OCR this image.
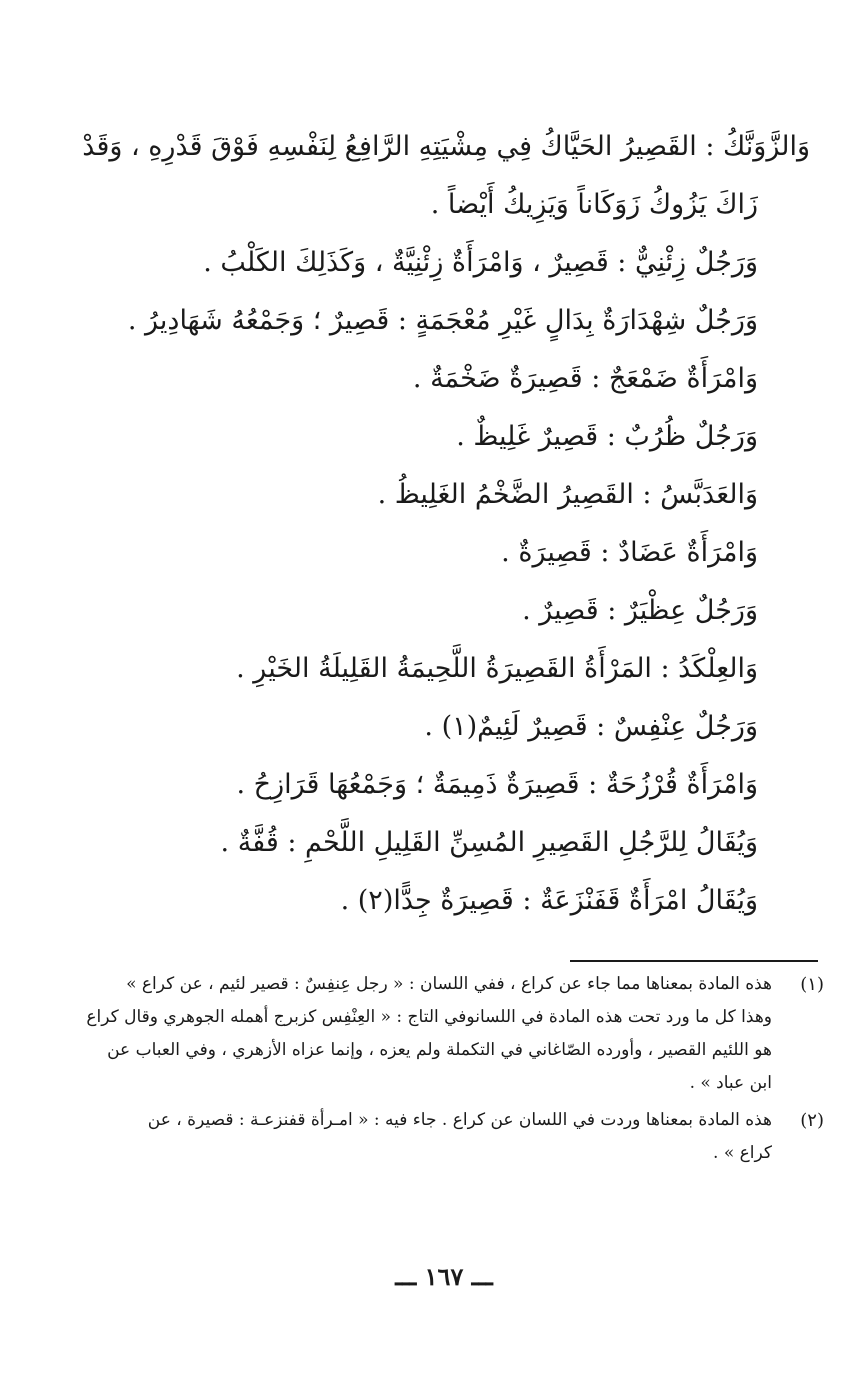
وَالزَّوَنَّكُ : القَصِيرُ الحَيَّاكُ فِي مِشْيَتِهِ الرَّافِعُ لِنَفْسِهِ فَوْقَ قَدْرِهِ ، وَقَدْ
زَاكَ يَزُوكُ زَوَكَاناً وَيَزِيكُ أَيْضاً .
وَرَجُلٌ زِئْنِيٌّ : قَصِيرٌ ، وَامْرَأَةٌ زِئْنِيَّةٌ ، وَكَذَلِكَ الكَلْبُ .
وَرَجُلٌ شِهْدَارَةٌ بِدَالٍ غَيْرِ مُعْجَمَةٍ : قَصِيرٌ ؛ وَجَمْعُهُ شَهَادِيرُ .
وَامْرَأَةٌ ضَمْعَجٌ : قَصِيرَةٌ ضَخْمَةٌ .
وَرَجُلٌ ظُرُبٌ : قَصِيرٌ غَلِيظٌ .
وَالعَدَبَّسُ : القَصِيرُ الضَّخْمُ الغَلِيظُ .
وَامْرَأَةٌ عَضَادٌ : قَصِيرَةٌ .
وَرَجُلٌ عِظْيَرٌ : قَصِيرٌ .
وَالعِلْكَدُ : المَرْأَةُ القَصِيرَةُ اللَّحِيمَةُ القَلِيلَةُ الخَيْرِ .
وَرَجُلٌ عِنْفِسٌ : قَصِيرٌ لَئِيمٌ(١) .
وَامْرَأَةٌ قُرْزُحَةٌ : قَصِيرَةٌ ذَمِيمَةٌ ؛ وَجَمْعُهَا قَرَازِحُ .
وَيُقَالُ لِلرَّجُلِ القَصِيرِ المُسِنِّ القَلِيلِ اللَّحْمِ : قُفَّةٌ .
وَيُقَالُ امْرَأَةٌ قَفَنْزَعَةٌ : قَصِيرَةٌ جِدًّا(٢) .
(١)
هذه المادة بمعناها مما جاء عن كراع ، ففي اللسان : « رجل عِنفِسٌ : قصير لئيم ، عن كراع »
وهذا كل ما ورد تحت هذه المادة في اللسانوفي التاج : « العِنْفِس كزبرج أهمله الجوهري وقال كراع
هو اللئيم القصير ، وأورده الصّاغاني في التكملة ولم يعزه ، وإنما عزاه الأزهري ، وفي العباب عن
ابن عباد » .
(٢)
هذه المادة بمعناها وردت في اللسان عن كراع . جاء فيه : « امـرأة قفنزعـة : قصيرة ، عن
كراع » .
ـــ ١٦٧ ـــ
